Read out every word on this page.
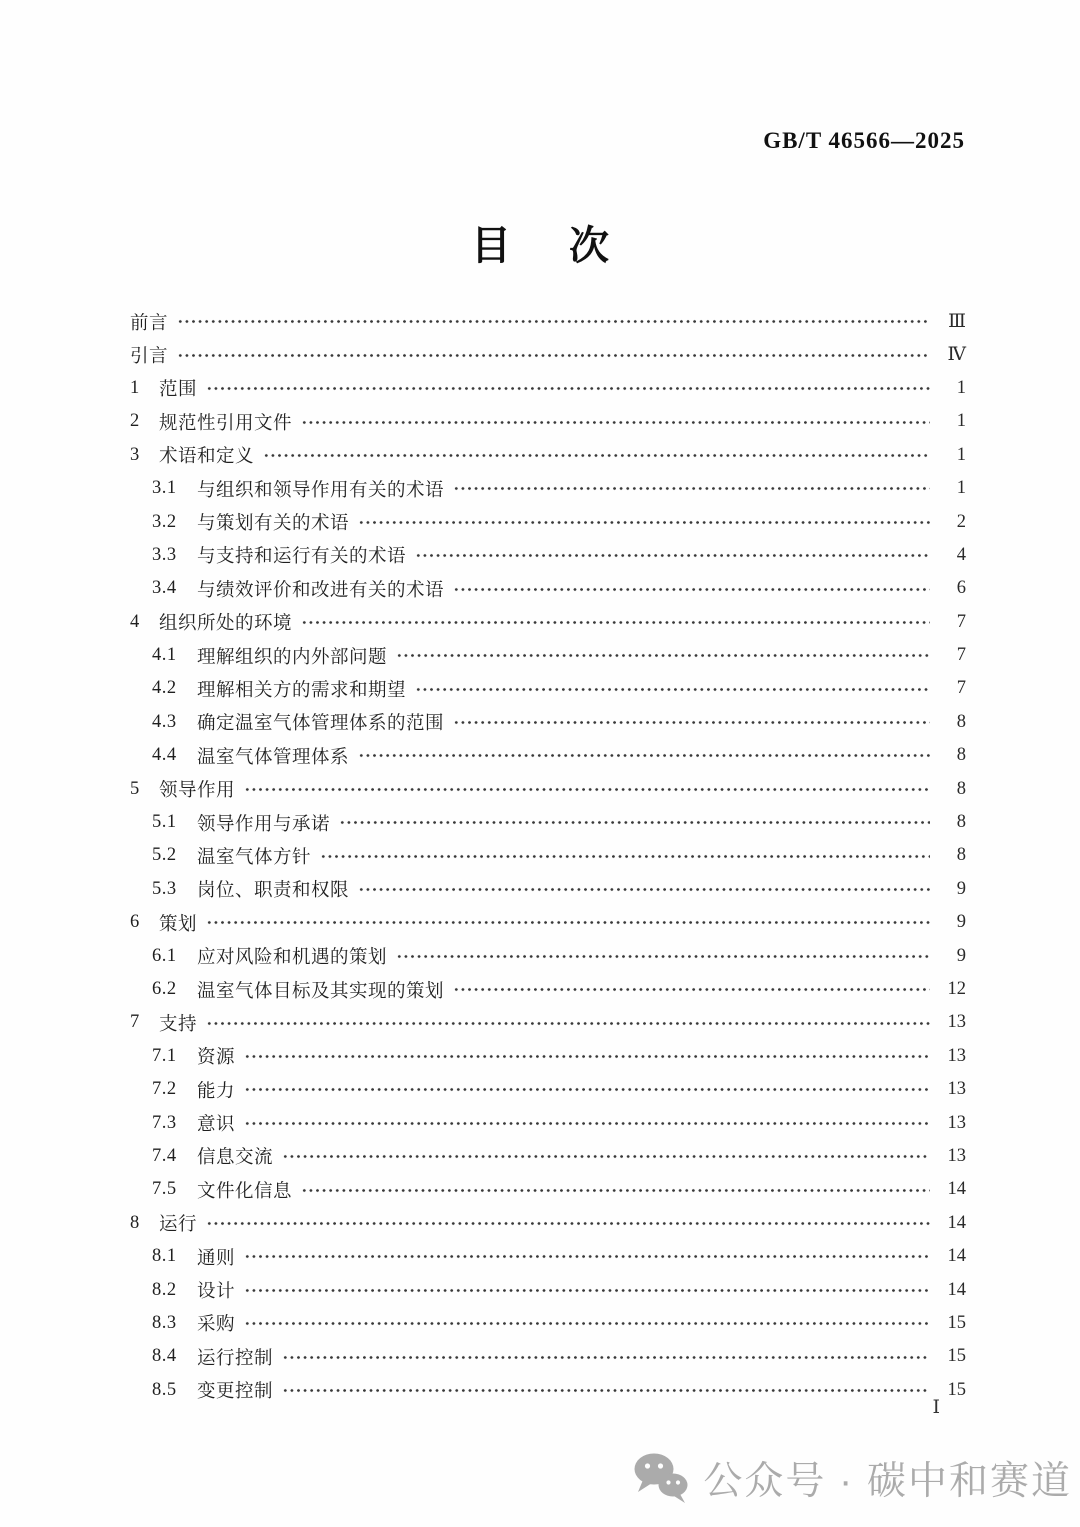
GB/T 46566—2025
目 次
前言	Ⅲ
引言	Ⅳ
1	范围	1
2	规范性引用文件	1
3	术语和定义	1
3.1	与组织和领导作用有关的术语	1
3.2	与策划有关的术语	2
3.3	与支持和运行有关的术语	4
3.4	与绩效评价和改进有关的术语	6
4	组织所处的环境	7
4.1	理解组织的内外部问题	7
4.2	理解相关方的需求和期望	7
4.3	确定温室气体管理体系的范围	8
4.4	温室气体管理体系	8
5	领导作用	8
5.1	领导作用与承诺	8
5.2	温室气体方针	8
5.3	岗位、职责和权限	9
6	策划	9
6.1	应对风险和机遇的策划	9
6.2	温室气体目标及其实现的策划	12
7	支持	13
7.1	资源	13
7.2	能力	13
7.3	意识	13
7.4	信息交流	13
7.5	文件化信息	14
8	运行	14
8.1	通则	14
8.2	设计	14
8.3	采购	15
8.4	运行控制	15
8.5	变更控制	15
Ⅰ
公众号 · 碳中和赛道
